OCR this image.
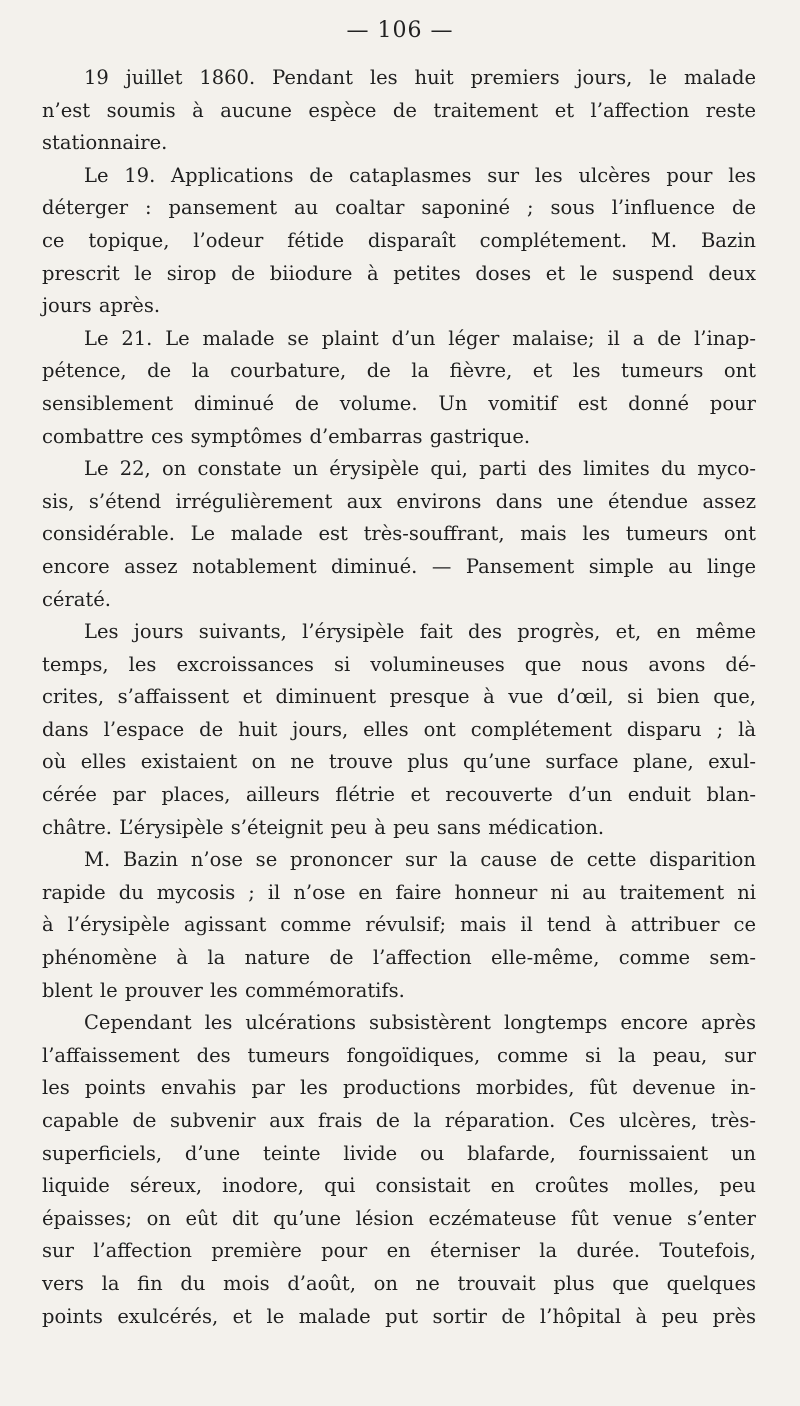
— 106 —
19 juillet 1860. Pendant les huit premiers jours, le malade
n’est soumis à aucune espèce de traitement et l’affection reste
stationnaire.
Le 19. Applications de cataplasmes sur les ulcères pour les
déterger : pansement au coaltar saponiné ; sous l’influence de
ce topique, l’odeur fétide disparaît complétement. M. Bazin
prescrit le sirop de biiodure à petites doses et le suspend deux
jours après.
Le 21. Le malade se plaint d’un léger malaise; il a de l’inap-
pétence, de la courbature, de la fièvre, et les tumeurs ont
sensiblement diminué de volume. Un vomitif est donné pour
combattre ces symptômes d’embarras gastrique.
Le 22, on constate un érysipèle qui, parti des limites du myco-
sis, s’étend irrégulièrement aux environs dans une étendue assez
considérable. Le malade est très-souffrant, mais les tumeurs ont
encore assez notablement diminué. — Pansement simple au linge
cératé.
Les jours suivants, l’érysipèle fait des progrès, et, en même
temps, les excroissances si volumineuses que nous avons dé-
crites, s’affaissent et diminuent presque à vue d’œil, si bien que,
dans l’espace de huit jours, elles ont complétement disparu ; là
où elles existaient on ne trouve plus qu’une surface plane, exul-
cérée par places, ailleurs flétrie et recouverte d’un enduit blan-
châtre. L’érysipèle s’éteignit peu à peu sans médication.
M. Bazin n’ose se prononcer sur la cause de cette disparition
rapide du mycosis ; il n’ose en faire honneur ni au traitement ni
à l’érysipèle agissant comme révulsif; mais il tend à attribuer ce
phénomène à la nature de l’affection elle-même, comme sem-
blent le prouver les commémoratifs.
Cependant les ulcérations subsistèrent longtemps encore après
l’affaissement des tumeurs fongoïdiques, comme si la peau, sur
les points envahis par les productions morbides, fût devenue in-
capable de subvenir aux frais de la réparation. Ces ulcères, très-
superficiels, d’une teinte livide ou blafarde, fournissaient un
liquide séreux, inodore, qui consistait en croûtes molles, peu
épaisses; on eût dit qu’une lésion eczémateuse fût venue s’enter
sur l’affection première pour en éterniser la durée. Toutefois,
vers la fin du mois d’août, on ne trouvait plus que quelques
points exulcérés, et le malade put sortir de l’hôpital à peu près
